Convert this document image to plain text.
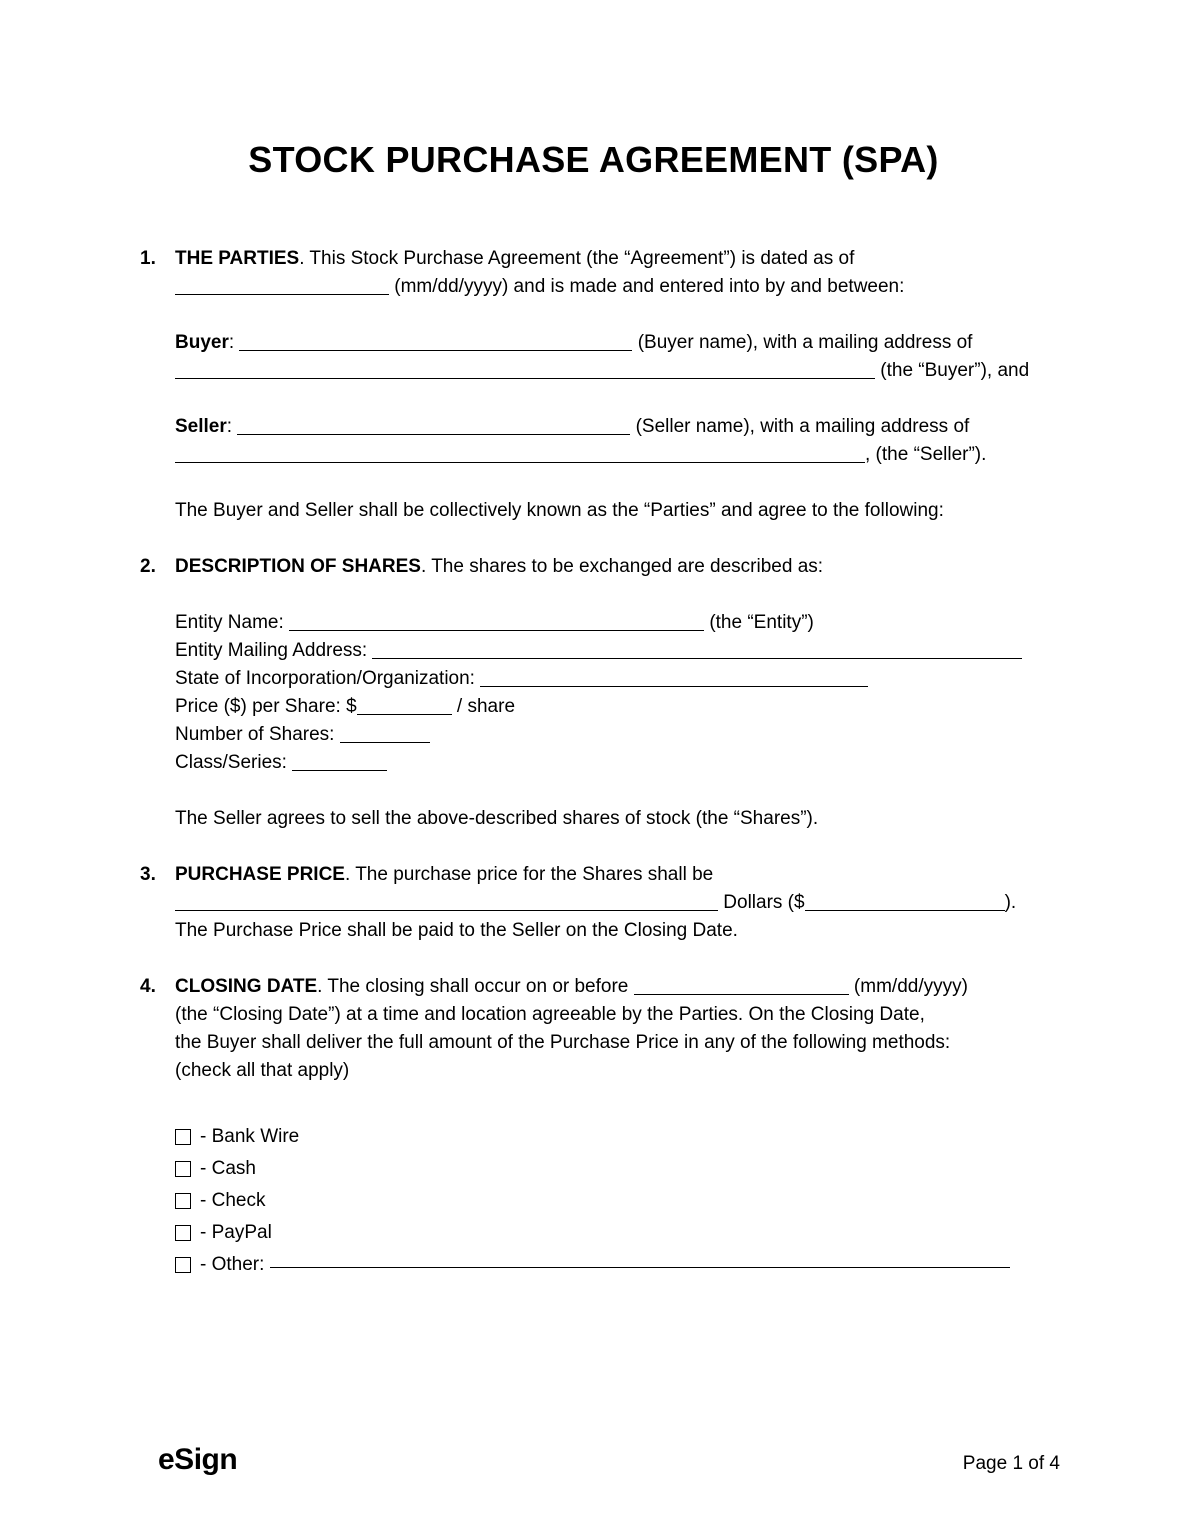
STOCK PURCHASE AGREEMENT (SPA)
1.	THE PARTIES. This Stock Purchase Agreement (the “Agreement”) is dated as of
(mm/dd/yyyy) and is made and entered into by and between:

Buyer:	(Buyer name), with a mailing address of
(the “Buyer”), and

Seller:	(Seller name), with a mailing address of
, (the “Seller”).

The Buyer and Seller shall be collectively known as the “Parties” and agree to the following:

2.	DESCRIPTION OF SHARES. The shares to be exchanged are described as:

Entity Name:	(the “Entity”)
Entity Mailing Address:
State of Incorporation/Organization:
Price ($) per Share: $	/ share
Number of Shares:
Class/Series:

The Seller agrees to sell the above-described shares of stock (the “Shares”).

3.	PURCHASE PRICE. The purchase price for the Shares shall be
Dollars ($	).
The Purchase Price shall be paid to the Seller on the Closing Date.

4.	CLOSING DATE. The closing shall occur on or before	(mm/dd/yyyy)
(the “Closing Date”) at a time and location agreeable by the Parties. On the Closing Date,
the Buyer shall deliver the full amount of the Purchase Price in any of the following methods:
(check all that apply)

- Bank Wire
- Cash
- Check
- PayPal
- Other:

eSign	Page 1 of 4
